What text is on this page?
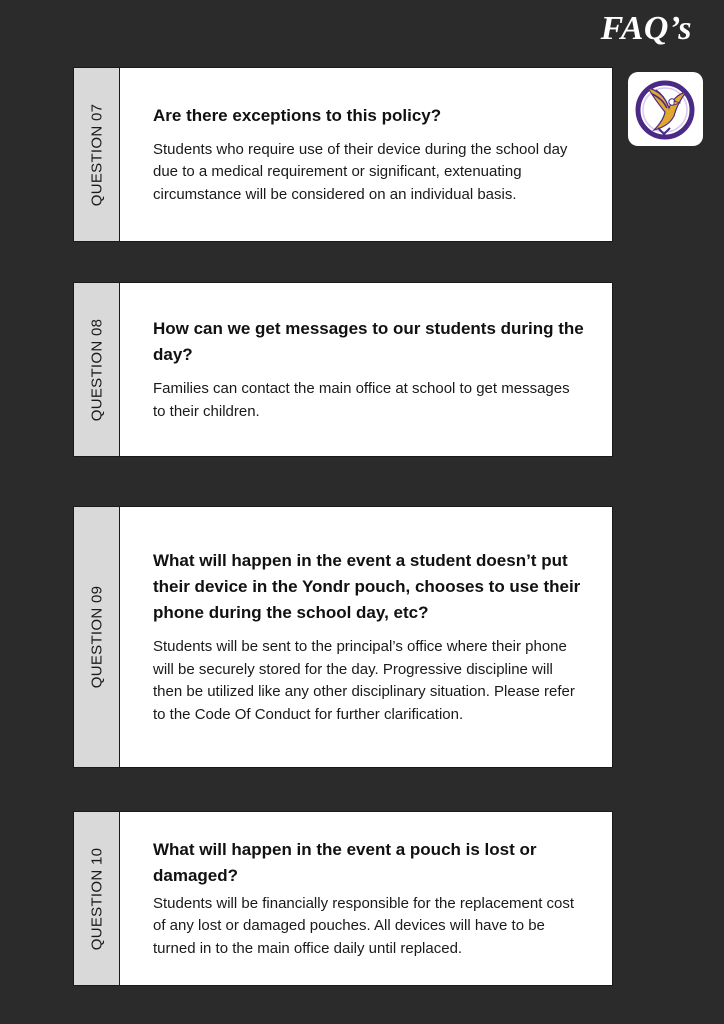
FAQ’s
QUESTION 07	Are there exceptions to this policy?

Students who require use of their device during the school day due to a medical requirement or significant, extenuating circumstance will be considered on an individual basis.

QUESTION 08	How can we get messages to our students during the day?

Families can contact the main office at school to get messages to their children.

QUESTION 09
What will happen in the event a student doesn’t put their device in the Yondr pouch, chooses to use their phone during the school day, etc?

Students will be sent to the principal’s office where their phone will be securely stored for the day. Progressive discipline will then be utilized like any other disciplinary situation. Please refer to the Code Of Conduct for further clarification.

QUESTION 10	What will happen in the event a pouch is lost or damaged?

Students will be financially responsible for the replacement cost of any lost or damaged pouches. All devices will have to be turned in to the main office daily until replaced.
